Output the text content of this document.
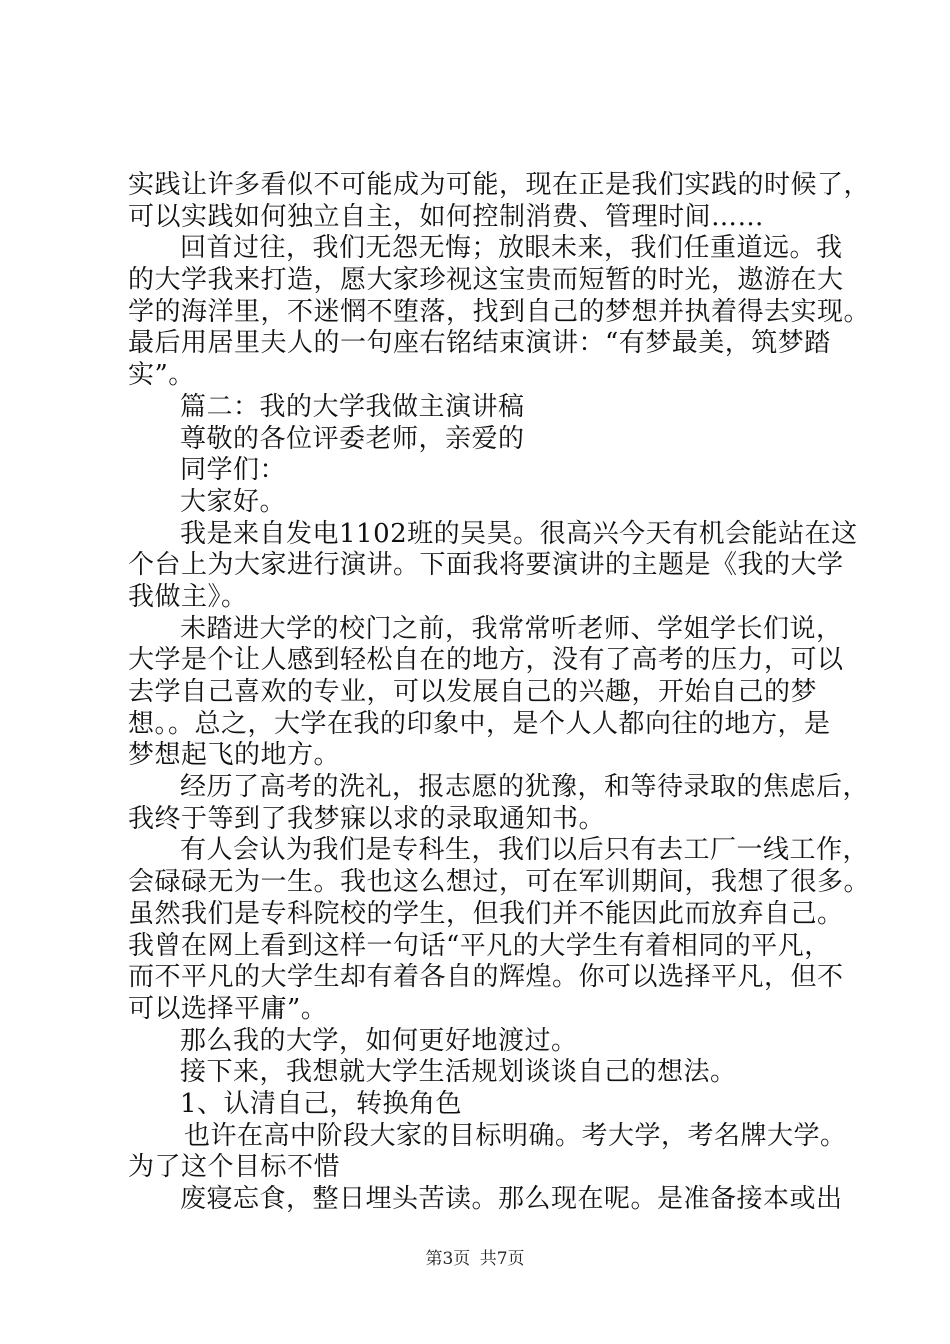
实践让许多看似不可能成为可能，现在正是我们实践的时候了，
可以实践如何独立自主，如何控制消费、管理时间……
回首过往，我们无怨无悔；放眼未来，我们任重道远。我
的大学我来打造，愿大家珍视这宝贵而短暂的时光，遨游在大
学的海洋里，不迷惘不堕落，找到自己的梦想并执着得去实现。
最后用居里夫人的一句座右铭结束演讲：“有梦最美，筑梦踏
实”。
篇二：我的大学我做主演讲稿
尊敬的各位评委老师，亲爱的
同学们：
大家好。
我是来自发电1102班的吴昊。很高兴今天有机会能站在这
个台上为大家进行演讲。下面我将要演讲的主题是《我的大学
我做主》。
未踏进大学的校门之前，我常常听老师、学姐学长们说，
大学是个让人感到轻松自在的地方，没有了高考的压力，可以
去学自己喜欢的专业，可以发展自己的兴趣，开始自己的梦
想。。总之，大学在我的印象中，是个人人都向往的地方，是
梦想起飞的地方。
经历了高考的洗礼，报志愿的犹豫，和等待录取的焦虑后，
我终于等到了我梦寐以求的录取通知书。
有人会认为我们是专科生，我们以后只有去工厂一线工作，
会碌碌无为一生。我也这么想过，可在军训期间，我想了很多。
虽然我们是专科院校的学生，但我们并不能因此而放弃自己。
我曾在网上看到这样一句话“平凡的大学生有着相同的平凡，
而不平凡的大学生却有着各自的辉煌。你可以选择平凡，但不
可以选择平庸”。
那么我的大学，如何更好地渡过。
接下来，我想就大学生活规划谈谈自己的想法。
1、认清自己，转换角色
也许在高中阶段大家的目标明确。考大学，考名牌大学。
为了这个目标不惜
废寝忘食，整日埋头苦读。那么现在呢。是准备接本或出
第3页 共7页
